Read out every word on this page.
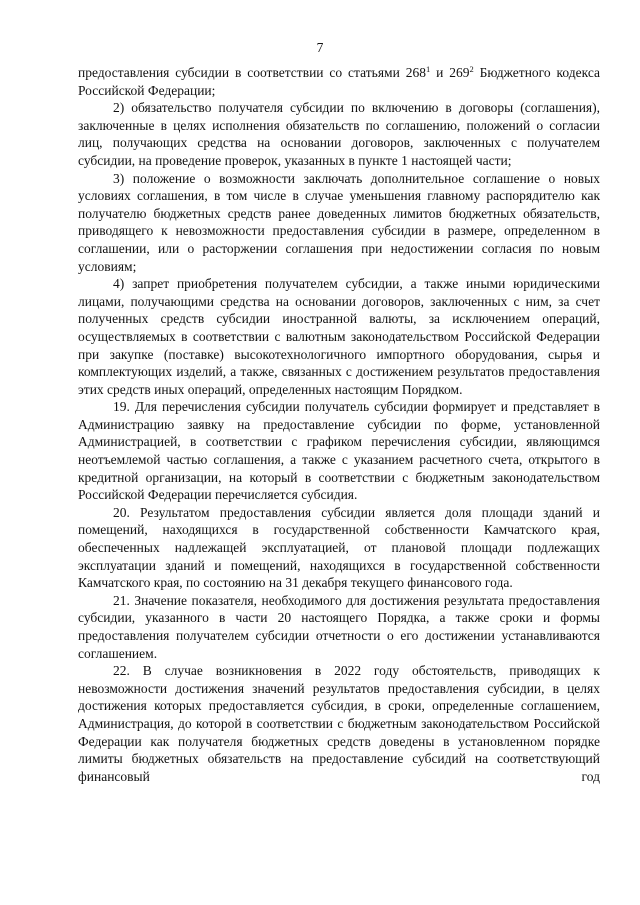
7

предоставления субсидии в соответствии со статьями $268^1$ и $269^2$ Бюджетного кодекса Российской Федерации;

2) обязательство получателя субсидии по включению в договоры (соглашения), заключенные в целях исполнения обязательств по соглашению, положений о согласии лиц, получающих средства на основании договоров, заключенных с получателем субсидии, на проведение проверок, указанных в пункте 1 настоящей части;

3) положение о возможности заключать дополнительное соглашение о новых условиях соглашения, в том числе в случае уменьшения главному распорядителю как получателю бюджетных средств ранее доведенных лимитов бюджетных обязательств, приводящего к невозможности предоставления субсидии в размере, определенном в соглашении, или о расторжении соглашения при недостижении согласия по новым условиям;

4) запрет приобретения получателем субсидии, а также иными юридическими лицами, получающими средства на основании договоров, заключенных с ним, за счет полученных средств субсидии иностранной валюты, за исключением операций, осуществляемых в соответствии с валютным законодательством Российской Федерации при закупке (поставке) высокотехнологичного импортного оборудования, сырья и комплектующих изделий, а также, связанных с достижением результатов предоставления этих средств иных операций, определенных настоящим Порядком.

19. Для перечисления субсидии получатель субсидии формирует и представляет в Администрацию заявку на предоставление субсидии по форме, установленной Администрацией, в соответствии с графиком перечисления субсидии, являющимся неотъемлемой частью соглашения, а также с указанием расчетного счета, открытого в кредитной организации, на который в соответствии с бюджетным законодательством Российской Федерации перечисляется субсидия.

20. Результатом предоставления субсидии является доля площади зданий и помещений, находящихся в государственной собственности Камчатского края, обеспеченных надлежащей эксплуатацией, от плановой площади подлежащих эксплуатации зданий и помещений, находящихся в государственной собственности Камчатского края, по состоянию на 31 декабря текущего финансового года.

21. Значение показателя, необходимого для достижения результата предоставления субсидии, указанного в части 20 настоящего Порядка, а также сроки и формы предоставления получателем субсидии отчетности о его достижении устанавливаются соглашением.

22. В случае возникновения в 2022 году обстоятельств, приводящих к невозможности достижения значений результатов предоставления субсидии, в целях достижения которых предоставляется субсидия, в сроки, определенные соглашением, Администрация, до которой в соответствии с бюджетным законодательством Российской Федерации как получателя бюджетных средств доведены в установленном порядке лимиты бюджетных обязательств на предоставление субсидий на соответствующий финансовый год
